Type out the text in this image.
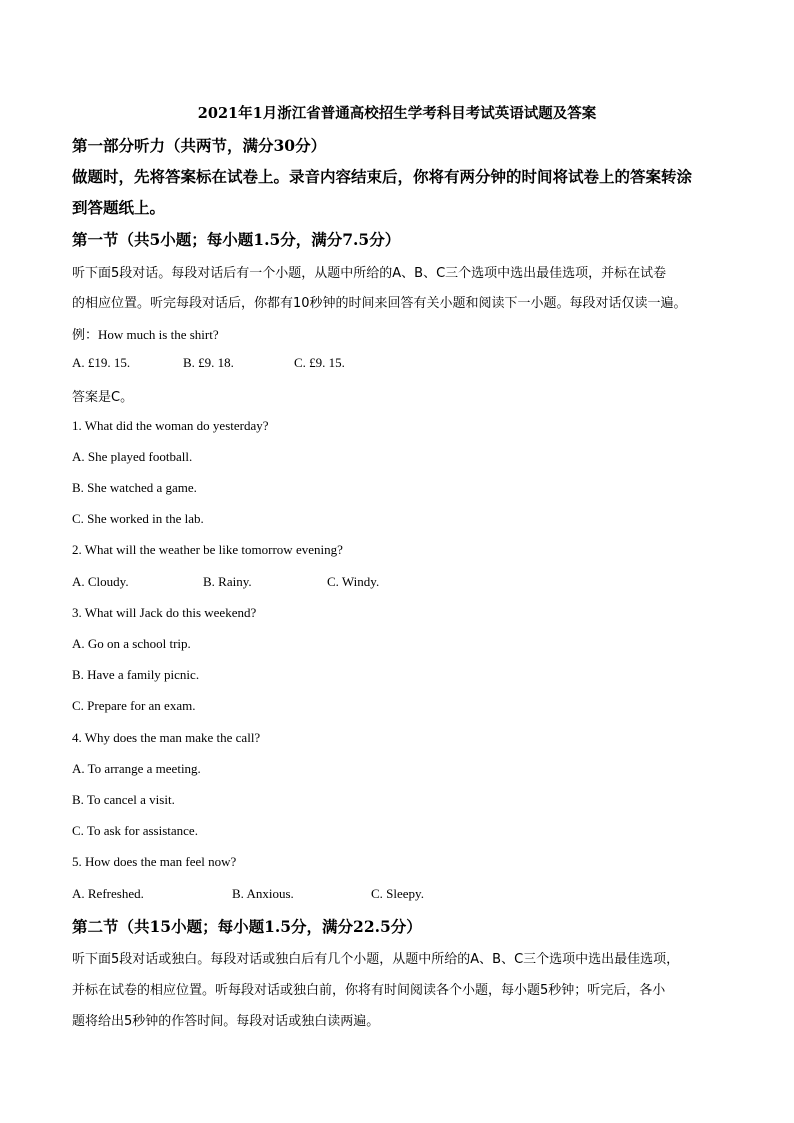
2021年1月浙江省普通高校招生学考科目考试英语试题及答案
第一部分听力（共两节，满分30分）
做题时，先将答案标在试卷上。录音内容结束后，你将有两分钟的时间将试卷上的答案转涂
到答题纸上。
第一节（共5小题；每小题1.5分，满分7.5分）
听下面5段对话。每段对话后有一个小题，从题中所给的A、B、C三个选项中选出最佳选项，并标在试卷
的相应位置。听完每段对话后，你都有10秒钟的时间来回答有关小题和阅读下一小题。每段对话仅读一遍。
例：How much is the shirt?
A. £19. 15.	B. £9. 18.	C. £9. 15.
答案是C。
1. What did the woman do yesterday?
A. She played football.
B. She watched a game.
C. She worked in the lab.
2. What will the weather be like tomorrow evening?
A. Cloudy.	B. Rainy.	C. Windy.
3. What will Jack do this weekend?
A. Go on a school trip.
B. Have a family picnic.
C. Prepare for an exam.
4. Why does the man make the call?
A. To arrange a meeting.
B. To cancel a visit.
C. To ask for assistance.
5. How does the man feel now?
A. Refreshed.	B. Anxious.	C. Sleepy.
第二节（共15小题；每小题1.5分，满分22.5分）
听下面5段对话或独白。每段对话或独白后有几个小题，从题中所给的A、B、C三个选项中选出最佳选项，
并标在试卷的相应位置。听每段对话或独白前，你将有时间阅读各个小题，每小题5秒钟；听完后，各小
题将给出5秒钟的作答时间。每段对话或独白读两遍。
